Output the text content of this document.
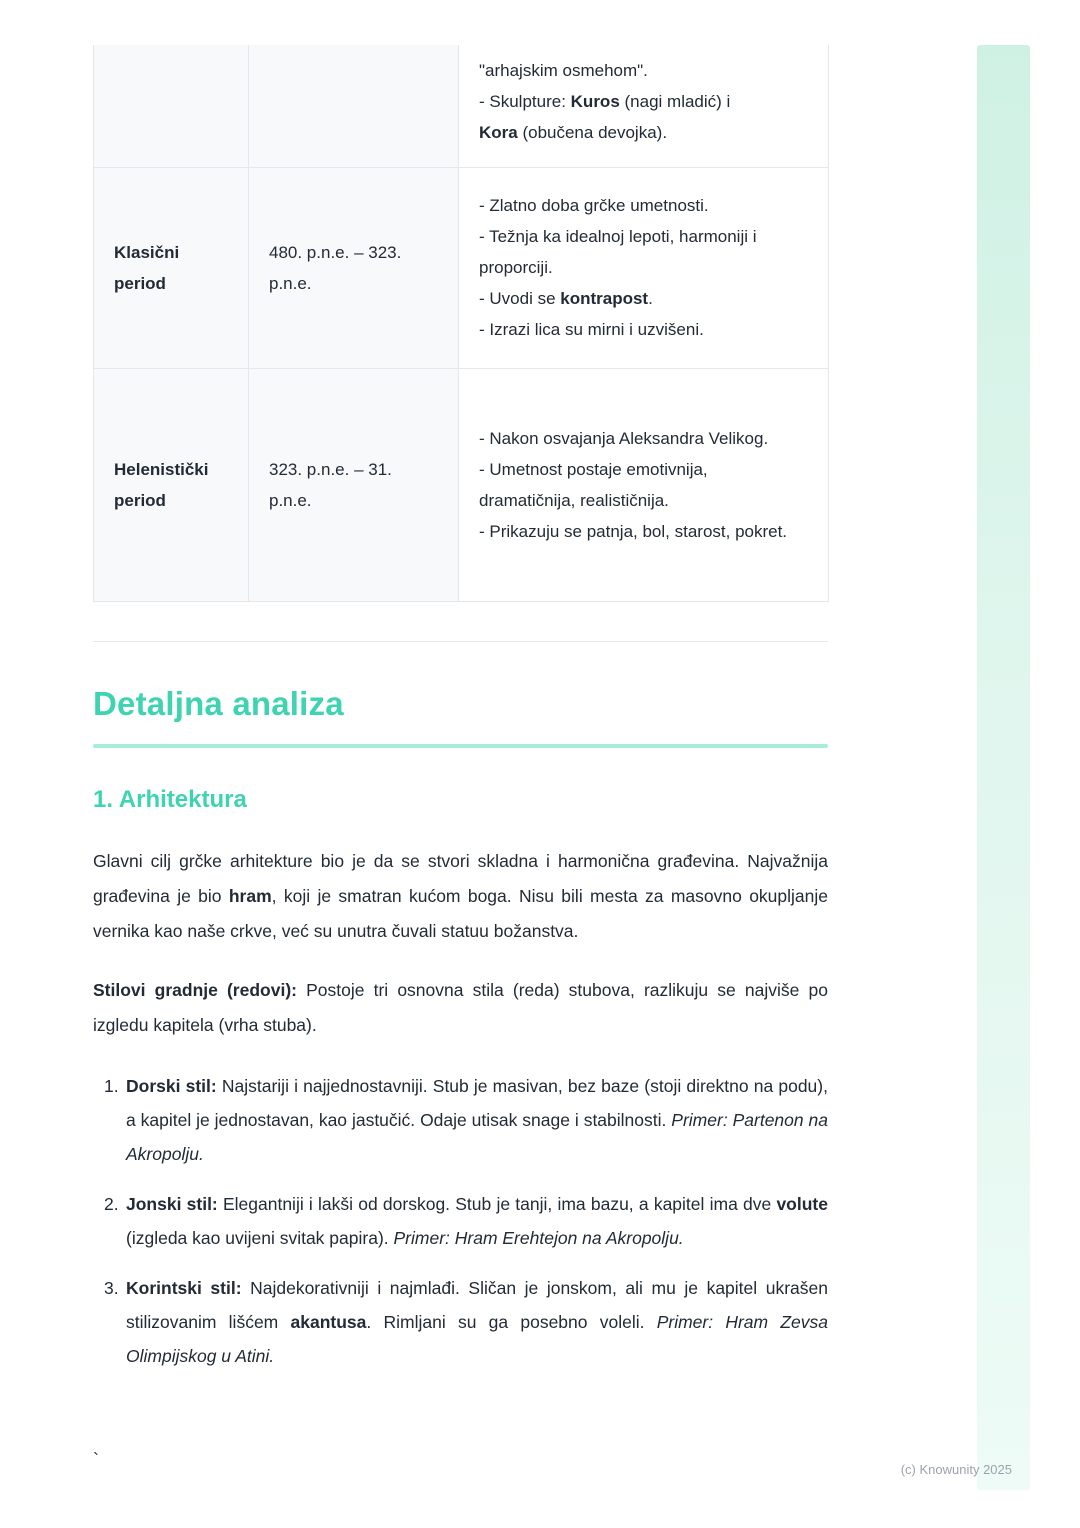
		"arhajskim osmehom".
- Skulpture: Kuros (nagi mladić) i
Kora (obučena devojka).
Klasični period	480. p.n.e. – 323. p.n.e.	- Zlatno doba grčke umetnosti.
- Težnja ka idealnoj lepoti, harmoniji i proporciji.
- Uvodi se kontrapost.
- Izrazi lica su mirni i uzvišeni.
Helenistički period	323. p.n.e. – 31. p.n.e.	- Nakon osvajanja Aleksandra Velikog.
- Umetnost postaje emotivnija, dramatičnija, realističnija.
- Prikazuju se patnja, bol, starost, pokret.
Detaljna analiza
1. Arhitektura

Glavni cilj grčke arhitekture bio je da se stvori skladna i harmonična građevina. Najvažnija građevina je bio hram, koji je smatran kućom boga. Nisu bili mesta za masovno okupljanje vernika kao naše crkve, već su unutra čuvali statuu božanstva.

Stilovi gradnje (redovi): Postoje tri osnovna stila (reda) stubova, razlikuju se najviše po izgledu kapitela (vrha stuba).

1. Dorski stil: Najstariji i najjednostavniji. Stub je masivan, bez baze (stoji direktno na podu), a kapitel je jednostavan, kao jastučić. Odaje utisak snage i stabilnosti. Primer: Partenon na Akropolju.
2. Jonski stil: Elegantniji i lakši od dorskog. Stub je tanji, ima bazu, a kapitel ima dve volute (izgleda kao uvijeni svitak papira). Primer: Hram Erehtejon na Akropolju.
3. Korintski stil: Najdekorativniji i najmlađi. Sličan je jonskom, ali mu je kapitel ukrašen stilizovanim lišćem akantusa. Rimljani su ga posebno voleli. Primer: Hram Zevsa Olimpijskog u Atini.
`	(c) Knowunity 2025
